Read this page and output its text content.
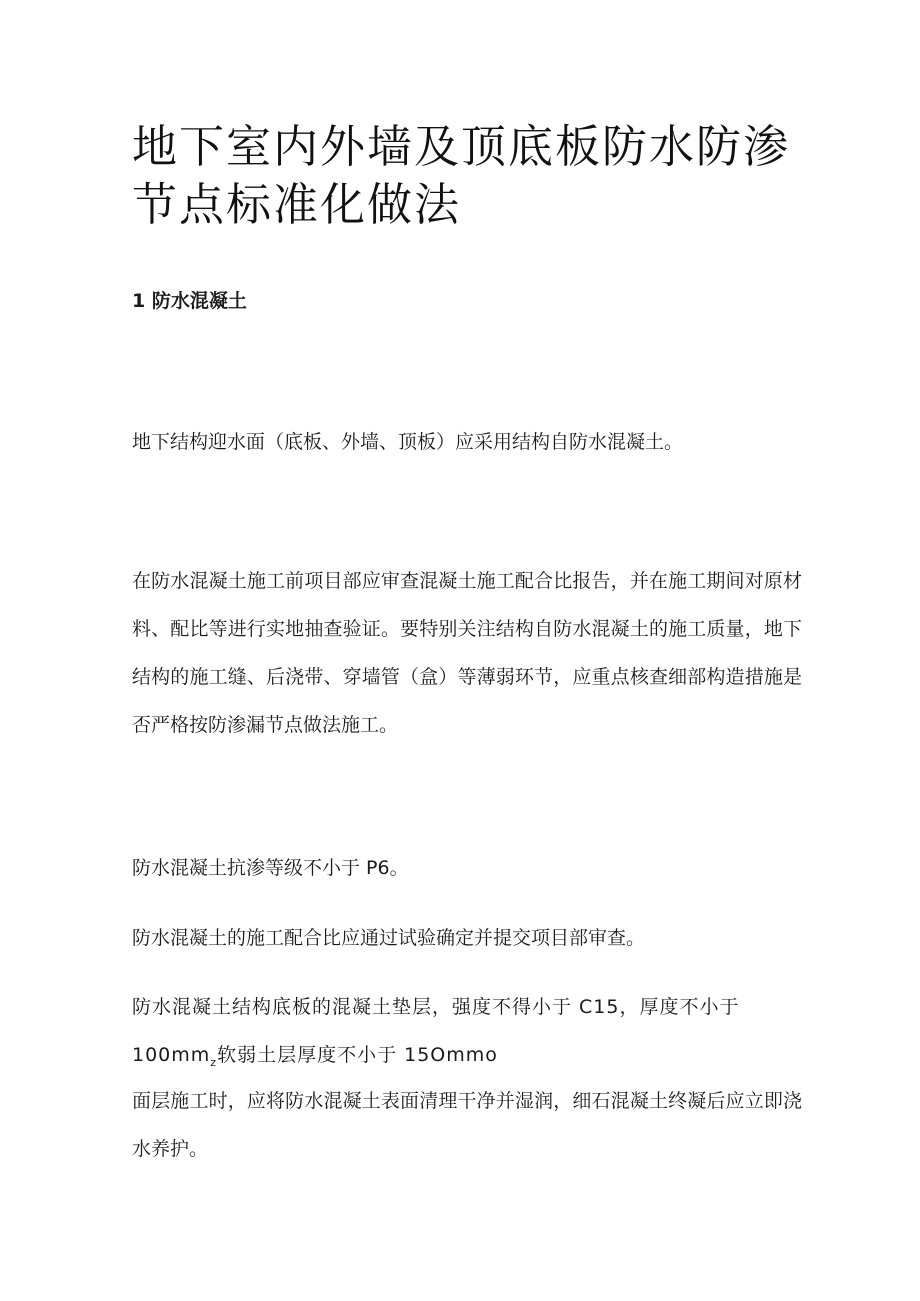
地下室内外墙及顶底板防水防渗节点标准化做法
1 防水混凝土

地下结构迎水面（底板、外墙、顶板）应采用结构自防水混凝土。

在防水混凝土施工前项目部应审查混凝土施工配合比报告，并在施工期间对原材料、配比等进行实地抽查验证。要特别关注结构自防水混凝土的施工质量，地下结构的施工缝、后浇带、穿墙管（盒）等薄弱环节，应重点核查细部构造措施是否严格按防渗漏节点做法施工。

防水混凝土抗渗等级不小于 P6。

防水混凝土的施工配合比应通过试验确定并提交项目部审查。

防水混凝土结构底板的混凝土垫层，强度不得小于 C15，厚度不小于
$100mm_z$软弱土层厚度不小于 15Ommo

面层施工时，应将防水混凝土表面清理干净并湿润，细石混凝土终凝后应立即浇水养护。
